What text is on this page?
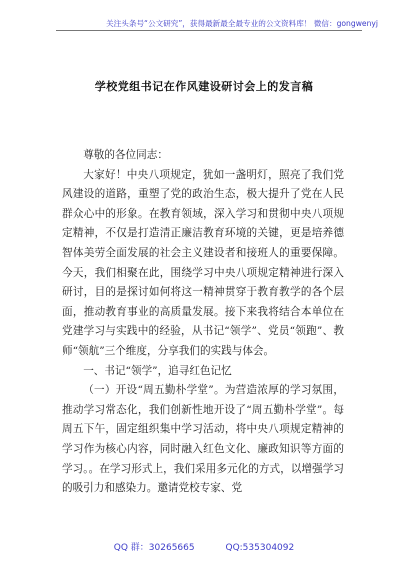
关注头条号“公文研究”，获得最新最全最专业的公文资料库！ 微信：gongwenyj
学校党组书记在作风建设研讨会上的发言稿

尊敬的各位同志：

大家好！中央八项规定，犹如一盏明灯，照亮了我们党风建设的道路，重塑了党的政治生态，极大提升了党在人民群众心中的形象。在教育领域，深入学习和贯彻中央八项规定精神，不仅是打造清正廉洁教育环境的关键，更是培养德智体美劳全面发展的社会主义建设者和接班人的重要保障。今天，我们相聚在此，围绕学习中央八项规定精神进行深入研讨，目的是探讨如何将这一精神贯穿于教育教学的各个层面，推动教育事业的高质量发展。接下来我将结合本单位在党建学习与实践中的经验，从书记“领学”、党员“领跑”、教师“领航”三个维度，分享我们的实践与体会。

一、书记“领学”，追寻红色记忆

（一）开设“周五勤朴学堂”。为营造浓厚的学习氛围，推动学习常态化，我们创新性地开设了“周五勤朴学堂”。每周五下午，固定组织集中学习活动，将中央八项规定精神的学习作为核心内容，同时融入红色文化、廉政知识等方面的学习。。在学习形式上，我们采用多元化的方式，以增强学习的吸引力和感染力。邀请党校专家、党

QQ 群：30265665	QQ:535304092
